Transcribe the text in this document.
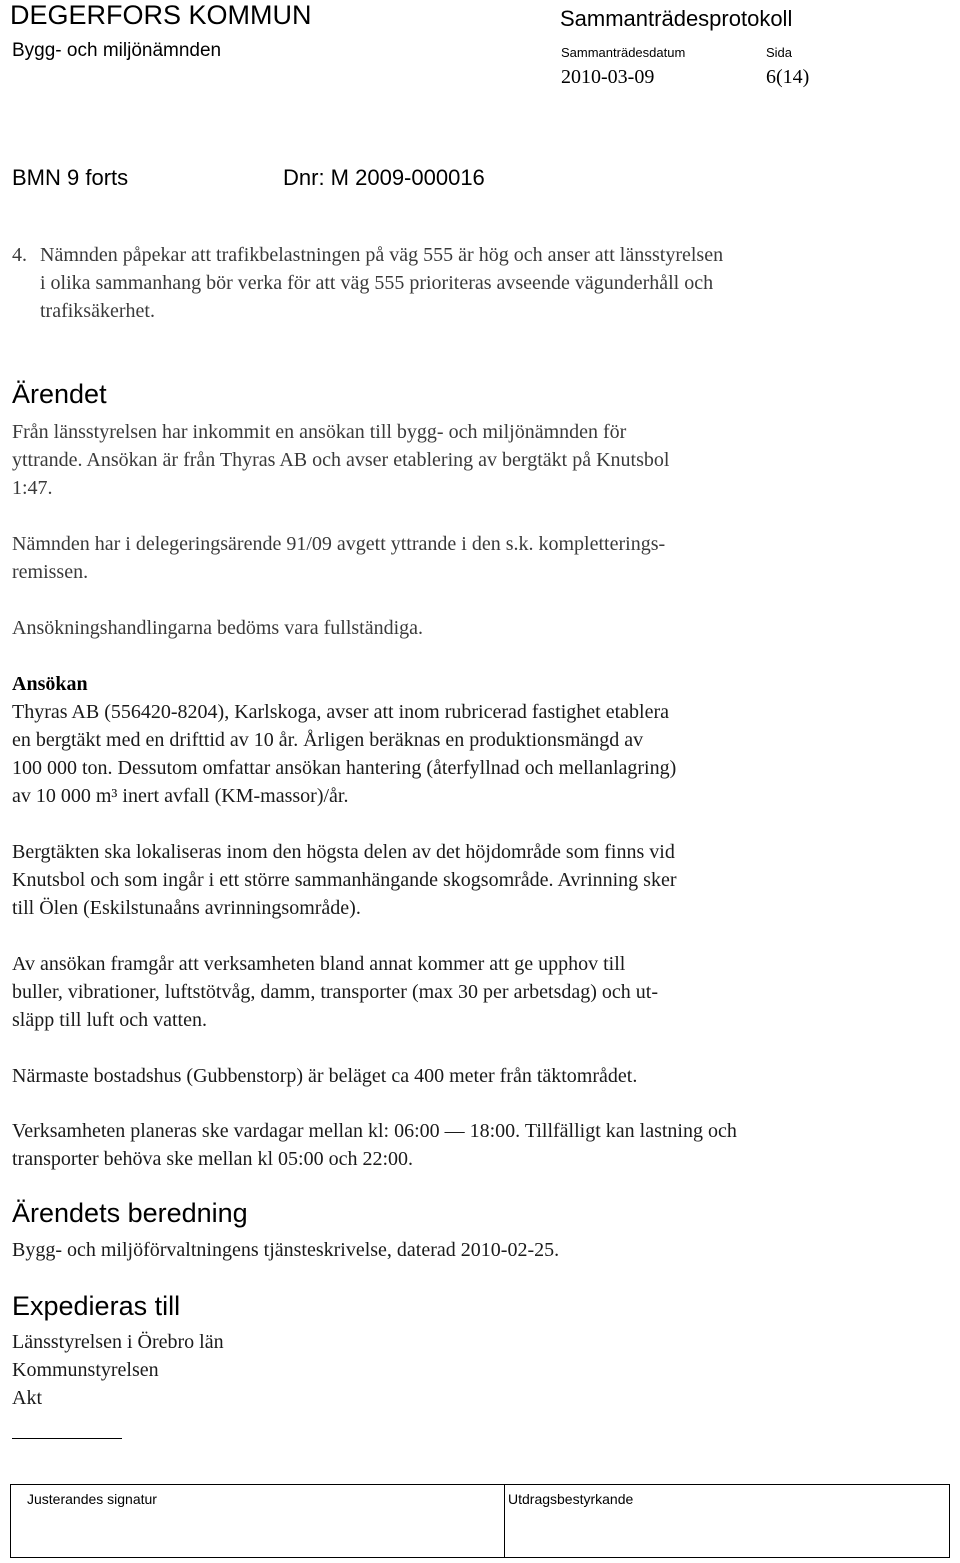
DEGERFORS KOMMUN
Bygg- och miljönämnden
Sammanträdesprotokoll
Sammanträdesdatum
2010-03-09
Sida
6(14)
BMN 9 forts	Dnr: M 2009-000016
4. Nämnden påpekar att trafikbelastningen på väg 555 är hög och anser att länsstyrelsen
i olika sammanhang bör verka för att väg 555 prioriteras avseende vägunderhåll och
trafiksäkerhet.
Ärendet
Från länsstyrelsen har inkommit en ansökan till bygg- och miljönämnden för
yttrande. Ansökan är från Thyras AB och avser etablering av bergtäkt på Knutsbol
1:47.
Nämnden har i delegeringsärende 91/09 avgett yttrande i den s.k. kompletterings-
remissen.
Ansökningshandlingarna bedöms vara fullständiga.
Ansökan
Thyras AB (556420-8204), Karlskoga, avser att inom rubricerad fastighet etablera
en bergtäkt med en drifttid av 10 år. Årligen beräknas en produktionsmängd av
100 000 ton. Dessutom omfattar ansökan hantering (återfyllnad och mellanlagring)
av 10 000 m³ inert avfall (KM-massor)/år.
Bergtäkten ska lokaliseras inom den högsta delen av det höjdområde som finns vid
Knutsbol och som ingår i ett större sammanhängande skogsområde. Avrinning sker
till Ölen (Eskilstunaåns avrinningsområde).
Av ansökan framgår att verksamheten bland annat kommer att ge upphov till
buller, vibrationer, luftstötvåg, damm, transporter (max 30 per arbetsdag) och ut-
släpp till luft och vatten.
Närmaste bostadshus (Gubbenstorp) är beläget ca 400 meter från täktområdet.
Verksamheten planeras ske vardagar mellan kl: 06:00 — 18:00. Tillfälligt kan lastning och
transporter behöva ske mellan kl 05:00 och 22:00.
Ärendets beredning
Bygg- och miljöförvaltningens tjänsteskrivelse, daterad 2010-02-25.
Expedieras till
Länsstyrelsen i Örebro län
Kommunstyrelsen
Akt
Justerandes signatur	Utdragsbestyrkande
